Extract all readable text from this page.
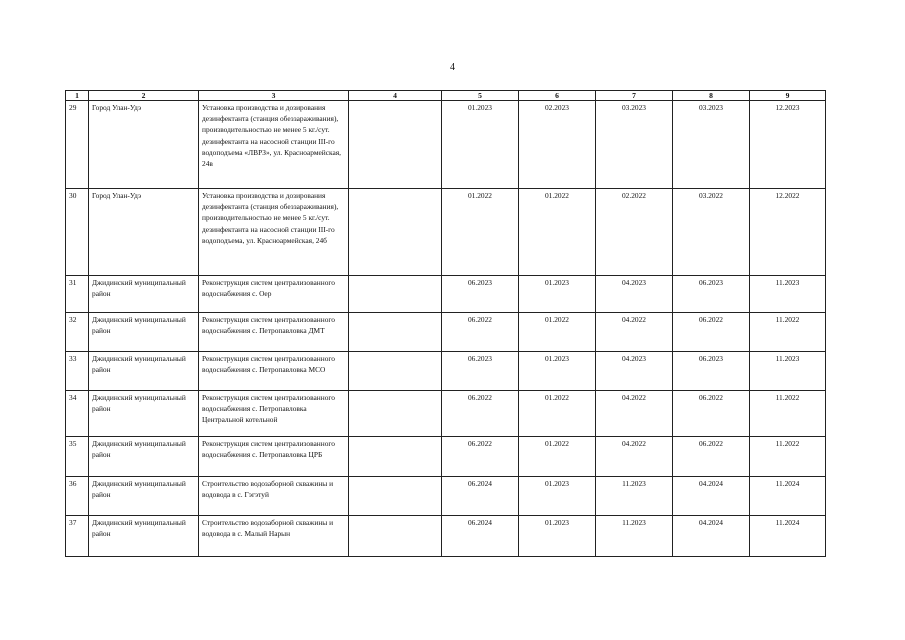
4
1	2	3	4	5	6	7	8	9
29	Город Улан-Удэ	Установка производства и дозирования дезинфектанта (станция обеззараживания), производительностью не менее 5 кг./сут. дезинфектанта на насосной станции III-го водоподъема «ЛВРЗ», ул. Красноармейская, 24в		01.2023	02.2023	03.2023	03.2023	12.2023
30	Город Улан-Удэ	Установка производства и дозирования дезинфектанта (станция обеззараживания), производительностью не менее 5 кг./сут. дезинфектанта на насосной станции III-го водоподъема, ул. Красноармейская, 24б		01.2022	01.2022	02.2022	03.2022	12.2022
31	Джидинский муниципальный район	Реконструкция систем централизованного водоснабжения с. Оер		06.2023	01.2023	04.2023	06.2023	11.2023
32	Джидинский муниципальный район	Реконструкция систем централизованного водоснабжения с. Петропавловка ДМТ		06.2022	01.2022	04.2022	06.2022	11.2022
33	Джидинский муниципальный район	Реконструкция систем централизованного водоснабжения с. Петропавловка МСО		06.2023	01.2023	04.2023	06.2023	11.2023
34	Джидинский муниципальный район	Реконструкция систем централизованного водоснабжения с. Петропавловка Центральной котельной		06.2022	01.2022	04.2022	06.2022	11.2022
35	Джидинский муниципальный район	Реконструкция систем централизованного водоснабжения с. Петропавловка ЦРБ		06.2022	01.2022	04.2022	06.2022	11.2022
36	Джидинский муниципальный район	Строительство водозаборной скважины и водовода в с. Гэгэтуй		06.2024	01.2023	11.2023	04.2024	11.2024
37	Джидинский муниципальный район	Строительство водозаборной скважины и водовода в с. Малый Нарын		06.2024	01.2023	11.2023	04.2024	11.2024
